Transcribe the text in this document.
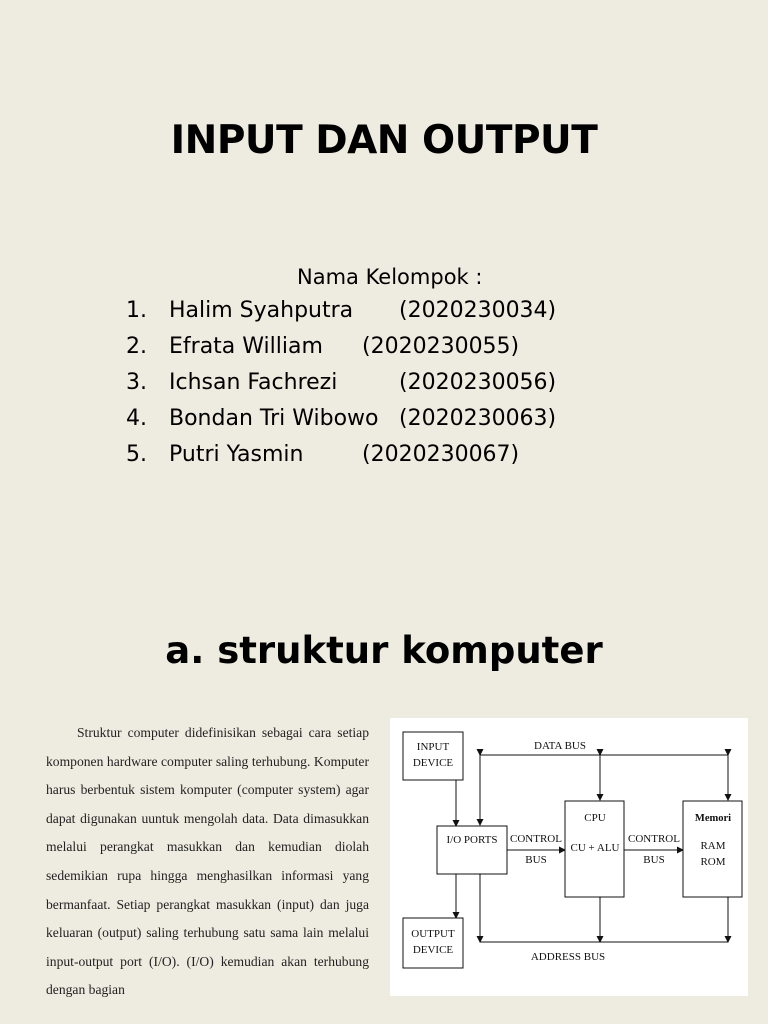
INPUT DAN OUTPUT
Nama Kelompok :
1. Halim Syahputra (2020230034)
2. Efrata William (2020230055)
3. Ichsan Fachrezi	(2020230056)
4. Bondan Tri Wibowo (2020230063)
5. Putri Yasmin	(2020230067)
a. struktur komputer

Struktur computer didefinisikan sebagai cara setiap komponen hardware computer saling terhubung. Komputer harus berbentuk sistem komputer (computer system) agar dapat digunakan uuntuk mengolah data. Data dimasukkan melalui perangkat masukkan dan kemudian diolah sedemikian rupa hingga menghasilkan informasi yang bermanfaat. Setiap perangkat masukkan (input) dan juga keluaran (output) saling terhubung satu sama lain melalui input-output port (I/O). (I/O) kemudian akan terhubung dengan bagian

INPUT
DEVICE
OUTPUT
DEVICE
I/O PORTS CONTROL
BUS
CONTROL
BUS
CPU
CU + ALU
Memori
RAM
ROM
DATA BUS
ADDRESS BUS
